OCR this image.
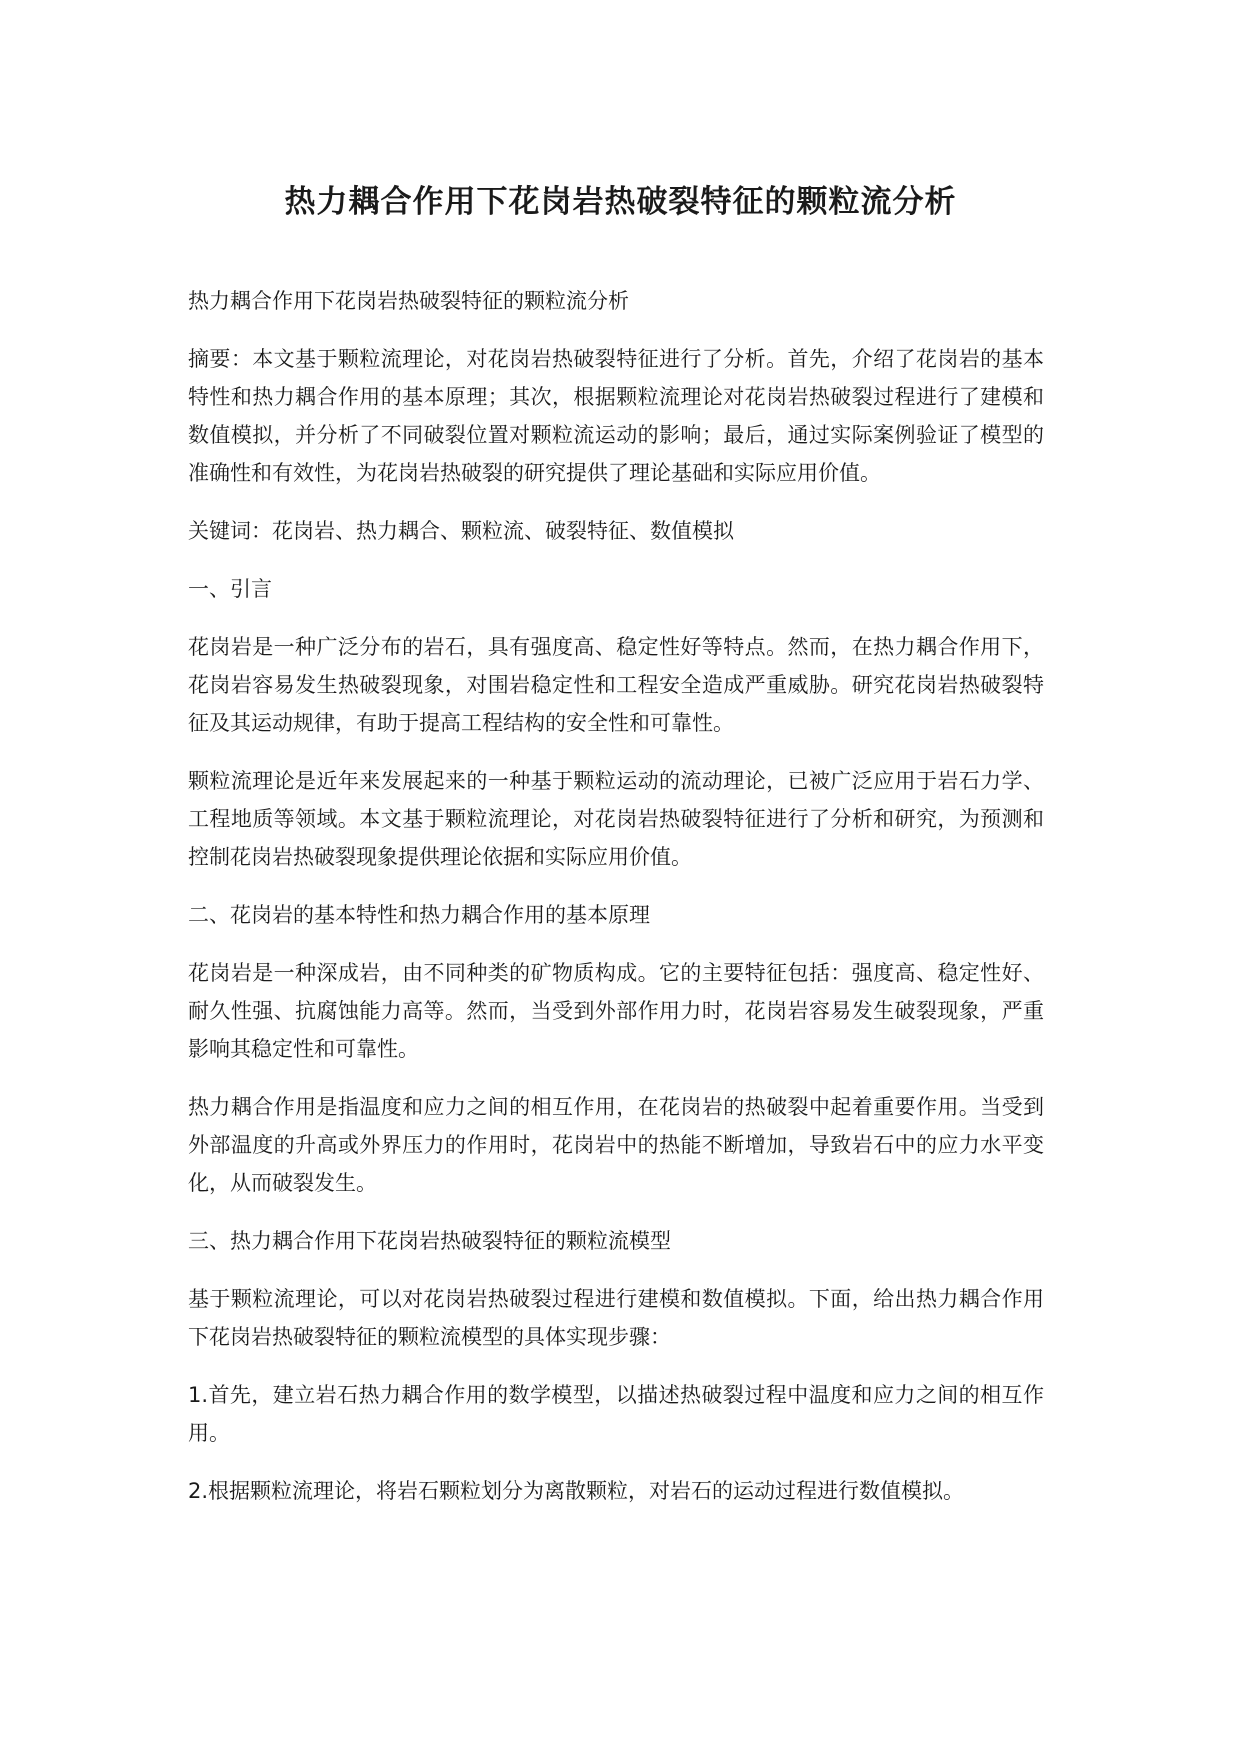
热力耦合作用下花岗岩热破裂特征的颗粒流分析

热力耦合作用下花岗岩热破裂特征的颗粒流分析

摘要：本文基于颗粒流理论，对花岗岩热破裂特征进行了分析。首先，介绍了花岗岩的基本特性和热力耦合作用的基本原理；其次，根据颗粒流理论对花岗岩热破裂过程进行了建模和数值模拟，并分析了不同破裂位置对颗粒流运动的影响；最后，通过实际案例验证了模型的准确性和有效性，为花岗岩热破裂的研究提供了理论基础和实际应用价值。

关键词：花岗岩、热力耦合、颗粒流、破裂特征、数值模拟

一、引言

花岗岩是一种广泛分布的岩石，具有强度高、稳定性好等特点。然而，在热力耦合作用下，花岗岩容易发生热破裂现象，对围岩稳定性和工程安全造成严重威胁。研究花岗岩热破裂特征及其运动规律，有助于提高工程结构的安全性和可靠性。

颗粒流理论是近年来发展起来的一种基于颗粒运动的流动理论，已被广泛应用于岩石力学、工程地质等领域。本文基于颗粒流理论，对花岗岩热破裂特征进行了分析和研究，为预测和控制花岗岩热破裂现象提供理论依据和实际应用价值。

二、花岗岩的基本特性和热力耦合作用的基本原理

花岗岩是一种深成岩，由不同种类的矿物质构成。它的主要特征包括：强度高、稳定性好、耐久性强、抗腐蚀能力高等。然而，当受到外部作用力时，花岗岩容易发生破裂现象，严重影响其稳定性和可靠性。

热力耦合作用是指温度和应力之间的相互作用，在花岗岩的热破裂中起着重要作用。当受到外部温度的升高或外界压力的作用时，花岗岩中的热能不断增加，导致岩石中的应力水平变化，从而破裂发生。

三、热力耦合作用下花岗岩热破裂特征的颗粒流模型

基于颗粒流理论，可以对花岗岩热破裂过程进行建模和数值模拟。下面，给出热力耦合作用下花岗岩热破裂特征的颗粒流模型的具体实现步骤：

1.首先，建立岩石热力耦合作用的数学模型，以描述热破裂过程中温度和应力之间的相互作用。

2.根据颗粒流理论，将岩石颗粒划分为离散颗粒，对岩石的运动过程进行数值模拟。
